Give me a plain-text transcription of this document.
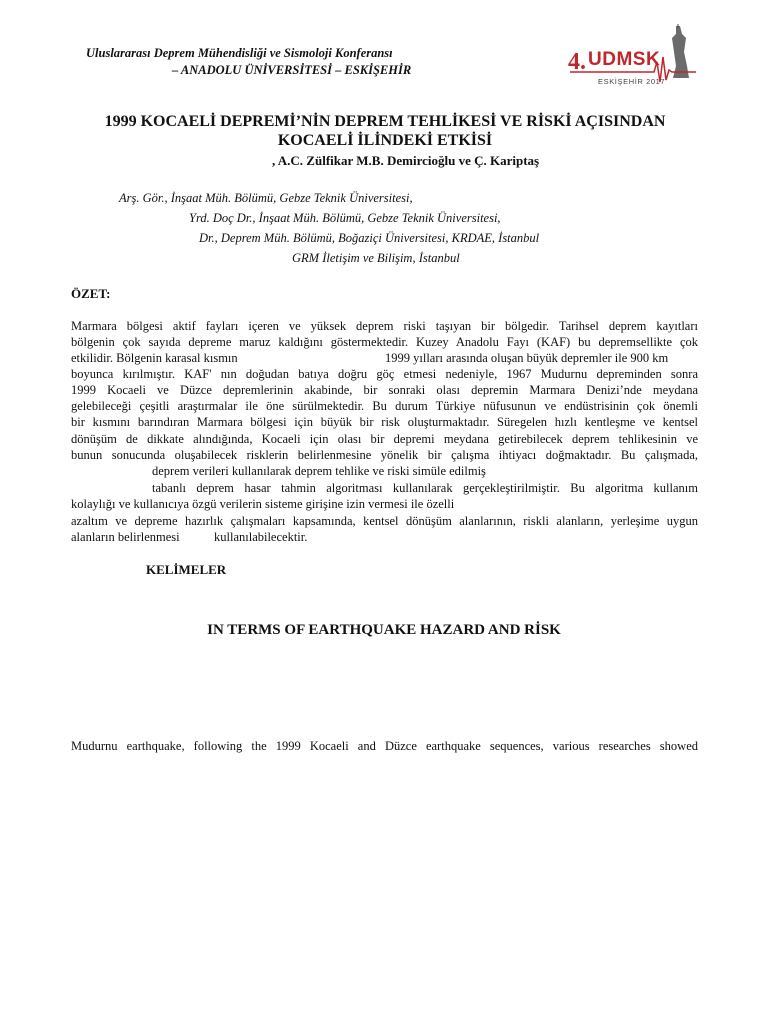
Uluslararası Deprem Mühendisliği ve Sismoloji Konferansı
– ANADOLU ÜNİVERSİTESİ – ESKİŞEHİR	4. UDMSK
ESKİŞEHİR 2017
1999 KOCAELİ DEPREMİ’NİN DEPREM TEHLİKESİ VE RİSKİ AÇISINDAN
KOCAELİ İLİNDEKİ ETKİSİ
, A.C. Zülfikar M.B. Demircioğlu ve Ç. Kariptaş
Arş. Gör., İnşaat Müh. Bölümü, Gebze Teknik Üniversitesi,
Yrd. Doç Dr., İnşaat Müh. Bölümü, Gebze Teknik Üniversitesi,
Dr., Deprem Müh. Bölümü, Boğaziçi Üniversitesi, KRDAE, İstanbul
GRM İletişim ve Bilişim, İstanbul
ÖZET:
Marmara bölgesi aktif fayları içeren ve yüksek deprem riski taşıyan bir bölgedir. Tarihsel deprem kayıtları
bölgenin çok sayıda depreme maruz kaldığını göstermektedir. Kuzey Anadolu Fayı (KAF) bu depremsellikte çok
etkilidir. Bölgenin karasal kısmın	1999 yılları arasında oluşan büyük depremler ile 900 km
boyunca kırılmıştır. KAF' nın doğudan batıya doğru göç etmesi nedeniyle, 1967 Mudurnu depreminden sonra
1999 Kocaeli ve Düzce depremlerinin akabinde, bir sonraki olası depremin Marmara Denizi’nde meydana
gelebileceği çeşitli araştırmalar ile öne sürülmektedir. Bu durum Türkiye nüfusunun ve endüstrisinin çok önemli
bir kısmını barındıran Marmara bölgesi için büyük bir risk oluşturmaktadır. Süregelen hızlı kentleşme ve kentsel
dönüşüm de dikkate alındığında, Kocaeli için olası bir depremi meydana getirebilecek deprem tehlikesinin ve
bunun sonucunda oluşabilecek risklerin belirlenmesine yönelik bir çalışma ihtiyacı doğmaktadır. Bu çalışmada,
deprem verileri kullanılarak deprem tehlike ve riski simüle edilmiş
tabanlı deprem hasar tahmin algoritması kullanılarak gerçekleştirilmiştir. Bu algoritma kullanım
kolaylığı ve kullanıcıya özgü verilerin sisteme girişine izin vermesi ile özelli
azaltım ve depreme hazırlık çalışmaları kapsamında, kentsel dönüşüm alanlarının, riskli alanların, yerleşime uygun
alanların belirlenmesi	kullanılabilecektir.
KELİMELER
IN TERMS OF EARTHQUAKE HAZARD AND RİSK
Mudurnu earthquake, following the 1999 Kocaeli and Düzce earthquake sequences, various researches showed
